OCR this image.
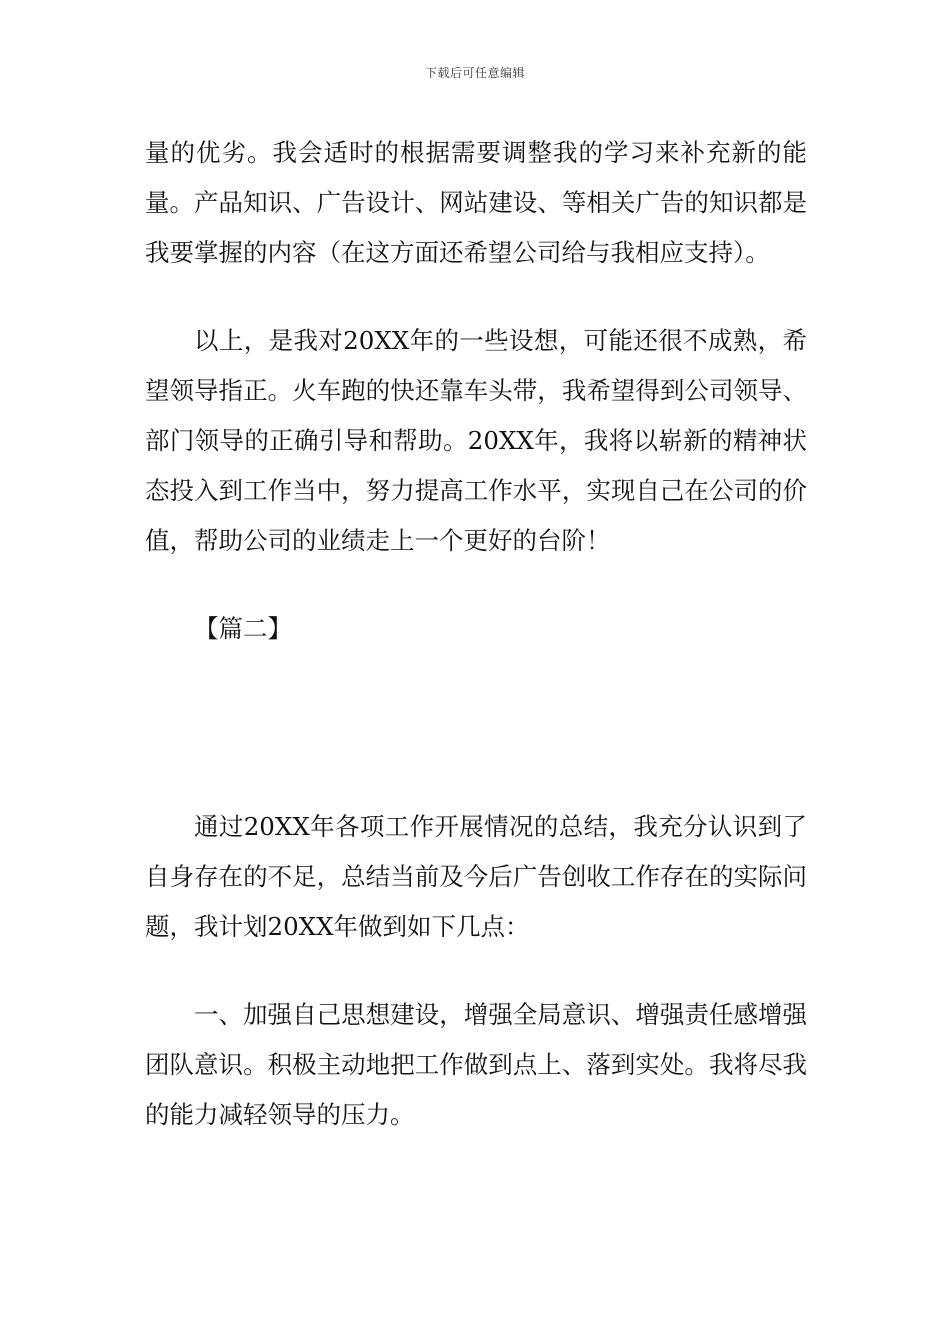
下载后可任意编辑

量的优劣。我会适时的根据需要调整我的学习来补充新的能量。产品知识、广告设计、网站建设、等相关广告的知识都是我要掌握的内容（在这方面还希望公司给与我相应支持）。

以上，是我对20XX年的一些设想，可能还很不成熟，希望领导指正。火车跑的快还靠车头带，我希望得到公司领导、部门领导的正确引导和帮助。20XX年，我将以崭新的精神状态投入到工作当中，努力提高工作水平，实现自己在公司的价值，帮助公司的业绩走上一个更好的台阶！

【篇二】

通过20XX年各项工作开展情况的总结，我充分认识到了自身存在的不足，总结当前及今后广告创收工作存在的实际问题，我计划20XX年做到如下几点：

一、加强自己思想建设，增强全局意识、增强责任感增强团队意识。积极主动地把工作做到点上、落到实处。我将尽我的能力减轻领导的压力。
